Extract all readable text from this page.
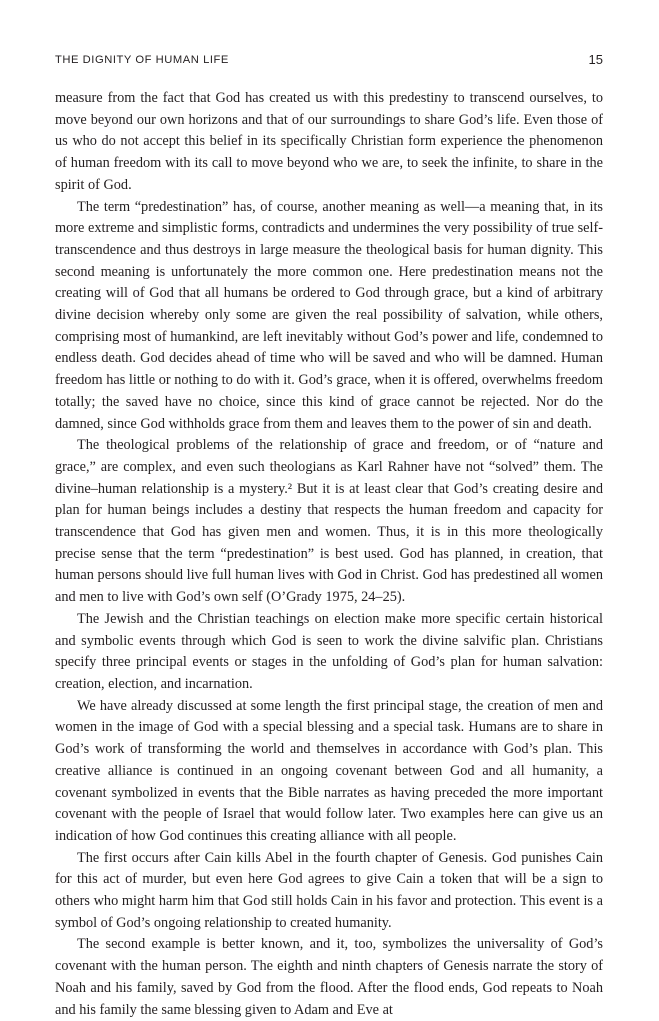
THE DIGNITY OF HUMAN LIFE	15

measure from the fact that God has created us with this predestiny to transcend ourselves, to move beyond our own horizons and that of our surroundings to share God’s life. Even those of us who do not accept this belief in its specifically Christian form experience the phenomenon of human freedom with its call to move beyond who we are, to seek the infinite, to share in the spirit of God.

The term “predestination” has, of course, another meaning as well—a meaning that, in its more extreme and simplistic forms, contradicts and undermines the very possibility of true self-transcendence and thus destroys in large measure the theological basis for human dignity. This second meaning is unfortunately the more common one. Here predestination means not the creating will of God that all humans be ordered to God through grace, but a kind of arbitrary divine decision whereby only some are given the real possibility of salvation, while others, comprising most of humankind, are left inevitably without God’s power and life, condemned to endless death. God decides ahead of time who will be saved and who will be damned. Human freedom has little or nothing to do with it. God’s grace, when it is offered, overwhelms freedom totally; the saved have no choice, since this kind of grace cannot be rejected. Nor do the damned, since God withholds grace from them and leaves them to the power of sin and death.

The theological problems of the relationship of grace and freedom, or of “nature and grace,” are complex, and even such theologians as Karl Rahner have not “solved” them. The divine–human relationship is a mystery.² But it is at least clear that God’s creating desire and plan for human beings includes a destiny that respects the human freedom and capacity for transcendence that God has given men and women. Thus, it is in this more theologically precise sense that the term “predestination” is best used. God has planned, in creation, that human persons should live full human lives with God in Christ. God has predestined all women and men to live with God’s own self (O’Grady 1975, 24–25).

The Jewish and the Christian teachings on election make more specific certain historical and symbolic events through which God is seen to work the divine salvific plan. Christians specify three principal events or stages in the unfolding of God’s plan for human salvation: creation, election, and incarnation.

We have already discussed at some length the first principal stage, the creation of men and women in the image of God with a special blessing and a special task. Humans are to share in God’s work of transforming the world and themselves in accordance with God’s plan. This creative alliance is continued in an ongoing covenant between God and all humanity, a covenant symbolized in events that the Bible narrates as having preceded the more important covenant with the people of Israel that would follow later. Two examples here can give us an indication of how God continues this creating alliance with all people.

The first occurs after Cain kills Abel in the fourth chapter of Genesis. God punishes Cain for this act of murder, but even here God agrees to give Cain a token that will be a sign to others who might harm him that God still holds Cain in his favor and protection. This event is a symbol of God’s ongoing relationship to created humanity.

The second example is better known, and it, too, symbolizes the universality of God’s covenant with the human person. The eighth and ninth chapters of Genesis narrate the story of Noah and his family, saved by God from the flood. After the flood ends, God repeats to Noah and his family the same blessing given to Adam and Eve at
